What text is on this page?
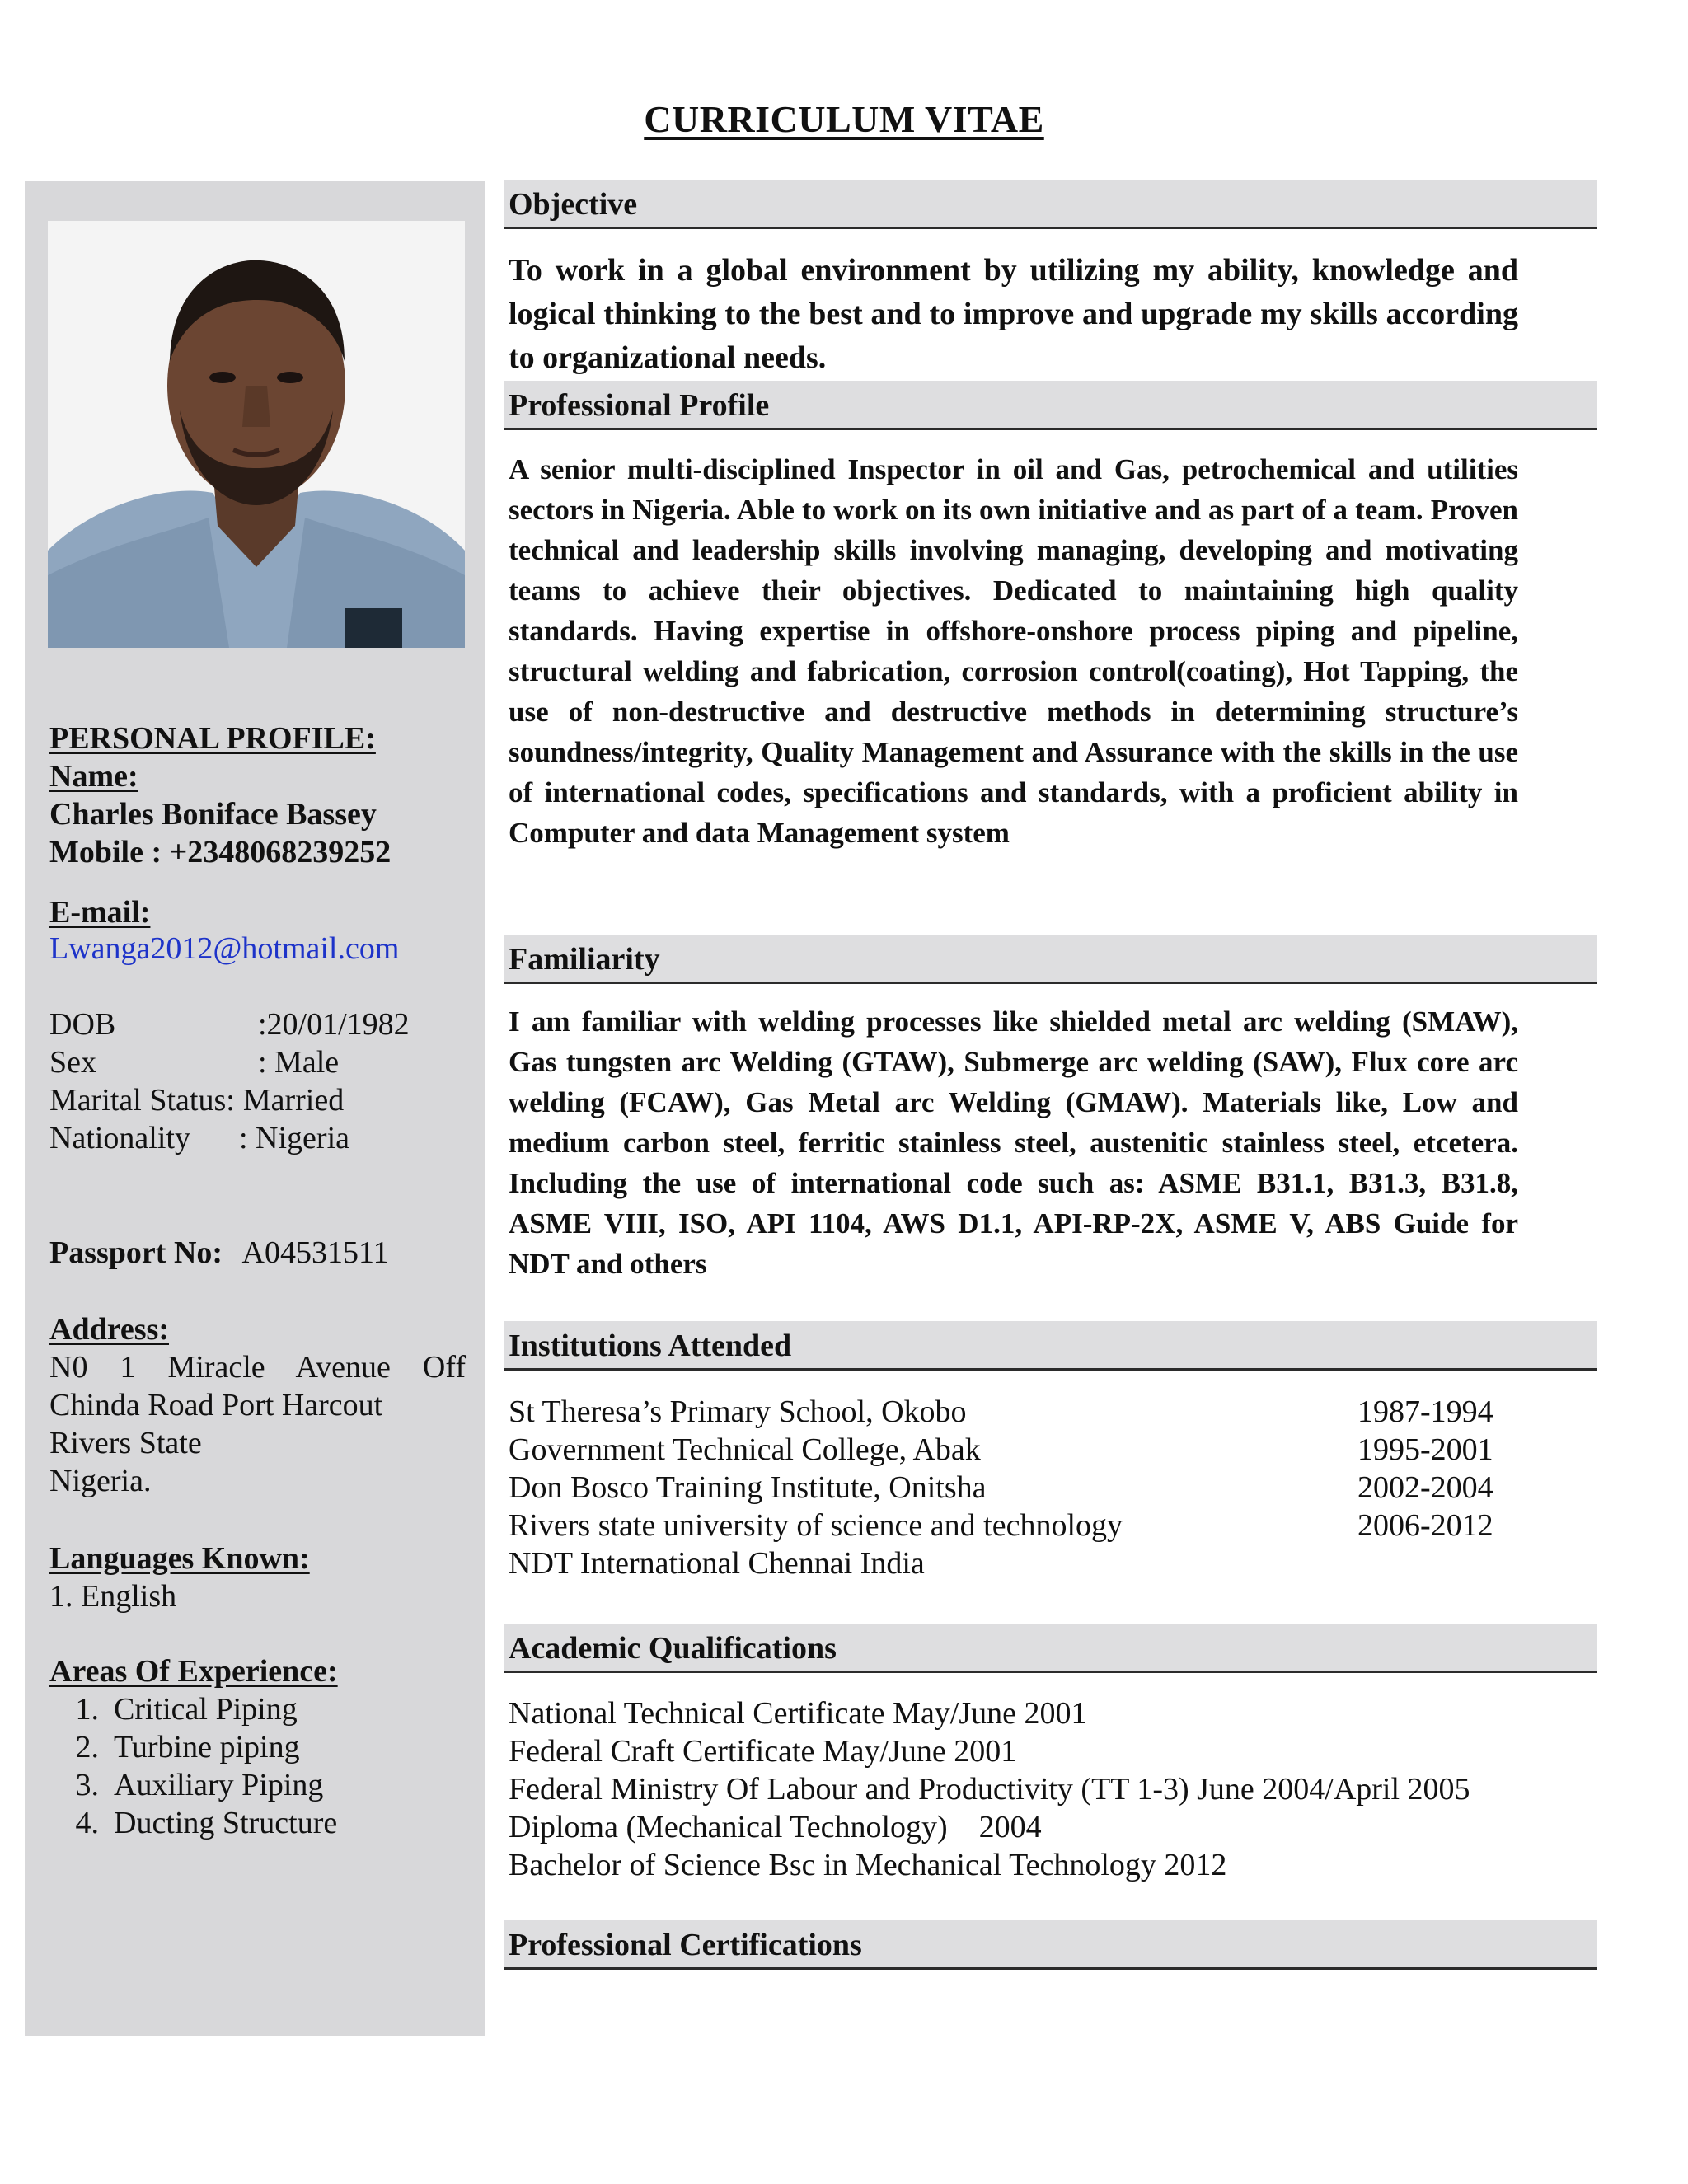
CURRICULUM VITAE
PERSONAL PROFILE:
Name:
Charles Boniface Bassey
Mobile : +2348068239252
E-mail:
Lwanga2012@hotmail.com
DOB	:20/01/1982
Sex	: Male
Marital Status: Married
Nationality	: Nigeria
Passport No: A04531511
Address:
N0 1 Miracle Avenue Off
Chinda Road Port Harcout
Rivers State
Nigeria.
Languages Known:
1. English
Areas Of Experience:
1. Critical Piping
2. Turbine piping
3. Auxiliary Piping
4. Ducting Structure
Objective
To work in a global environment by utilizing my ability, knowledge and logical thinking to the best and to improve and upgrade my skills according to organizational needs.
Professional Profile
A senior multi-disciplined Inspector in oil and Gas, petrochemical and utilities sectors in Nigeria. Able to work on its own initiative and as part of a team. Proven technical and leadership skills involving managing, developing and motivating teams to achieve their objectives. Dedicated to maintaining high quality standards. Having expertise in offshore-onshore process piping and pipeline, structural welding and fabrication, corrosion control(coating), Hot Tapping, the use of non-destructive and destructive methods in determining structure’s soundness/integrity, Quality Management and Assurance with the skills in the use of international codes, specifications and standards, with a proficient ability in Computer and data Management system
Familiarity
I am familiar with welding processes like shielded metal arc welding (SMAW), Gas tungsten arc Welding (GTAW), Submerge arc welding (SAW), Flux core arc welding (FCAW), Gas Metal arc Welding (GMAW). Materials like, Low and medium carbon steel, ferritic stainless steel, austenitic stainless steel, etcetera. Including the use of international code such as: ASME B31.1, B31.3, B31.8, ASME VIII, ISO, API 1104, AWS D1.1, API-RP-2X, ASME V, ABS Guide for NDT and others
Institutions Attended
St Theresa’s Primary School, Okobo	1987-1994
Government Technical College, Abak	1995-2001
Don Bosco Training Institute, Onitsha	2002-2004
Rivers state university of science and technology	2006-2012
NDT International Chennai India
Academic Qualifications
National Technical Certificate May/June 2001
Federal Craft Certificate May/June 2001
Federal Ministry Of Labour and Productivity (TT 1-3) June 2004/April 2005
Diploma (Mechanical Technology)    2004
Bachelor of Science Bsc in Mechanical Technology 2012
Professional Certifications
